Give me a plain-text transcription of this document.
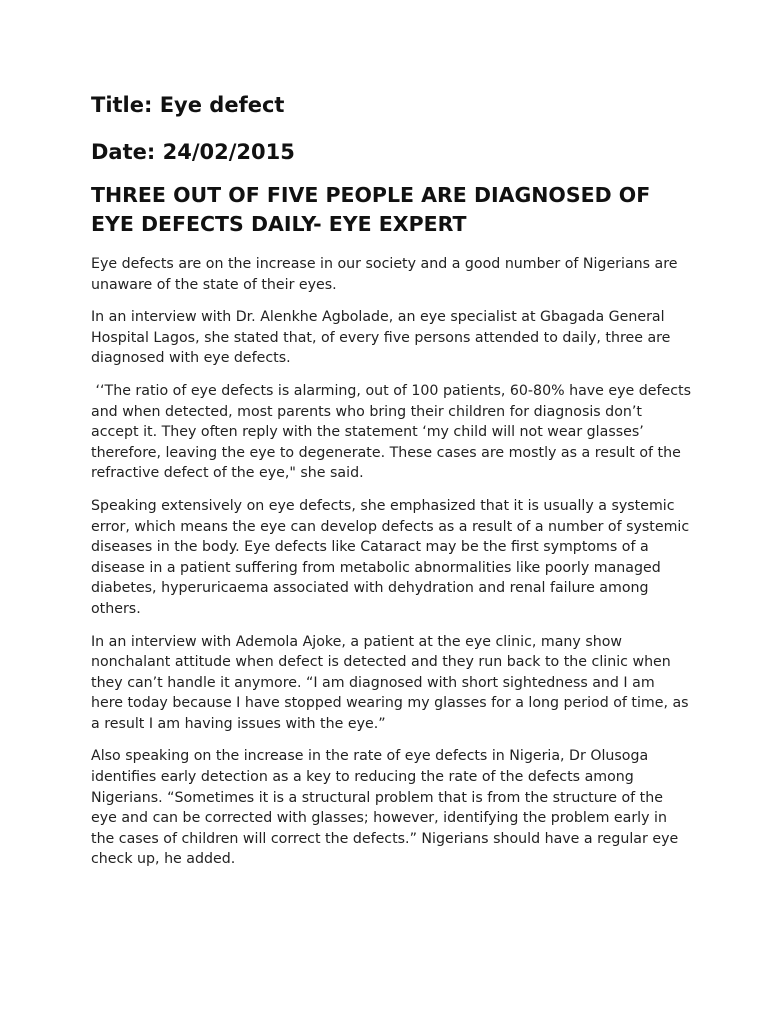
Title: Eye defect
Date: 24/02/2015
THREE OUT OF FIVE PEOPLE ARE DIAGNOSED OF EYE DEFECTS DAILY- EYE EXPERT

Eye defects are on the increase in our society and a good number of Nigerians are unaware of the state of their eyes.

In an interview with Dr. Alenkhe Agbolade, an eye specialist at Gbagada General Hospital Lagos, she stated that, of every five persons attended to daily, three are diagnosed with eye defects.

‘‘The ratio of eye defects is alarming, out of 100 patients, 60-80% have eye defects and when detected, most parents who bring their children for diagnosis don’t accept it. They often reply with the statement ‘my child will not wear glasses’ therefore, leaving the eye to degenerate. These cases are mostly as a result of the refractive defect of the eye," she said.

Speaking extensively on eye defects, she emphasized that it is usually a systemic error, which means the eye can develop defects as a result of a number of systemic diseases in the body. Eye defects like Cataract may be the first symptoms of a disease in a patient suffering from metabolic abnormalities like poorly managed diabetes, hyperuricaema associated with dehydration and renal failure among others.

In an interview with Ademola Ajoke, a patient at the eye clinic, many show nonchalant attitude when defect is detected and they run back to the clinic when they can’t handle it anymore. “I am diagnosed with short sightedness and I am here today because I have stopped wearing my glasses for a long period of time, as a result I am having issues with the eye.”

Also speaking on the increase in the rate of eye defects in Nigeria, Dr Olusoga identifies early detection as a key to reducing the rate of the defects among Nigerians. “Sometimes it is a structural problem that is from the structure of the eye and can be corrected with glasses; however, identifying the problem early in the cases of children will correct the defects.” Nigerians should have a regular eye check up, he added.
